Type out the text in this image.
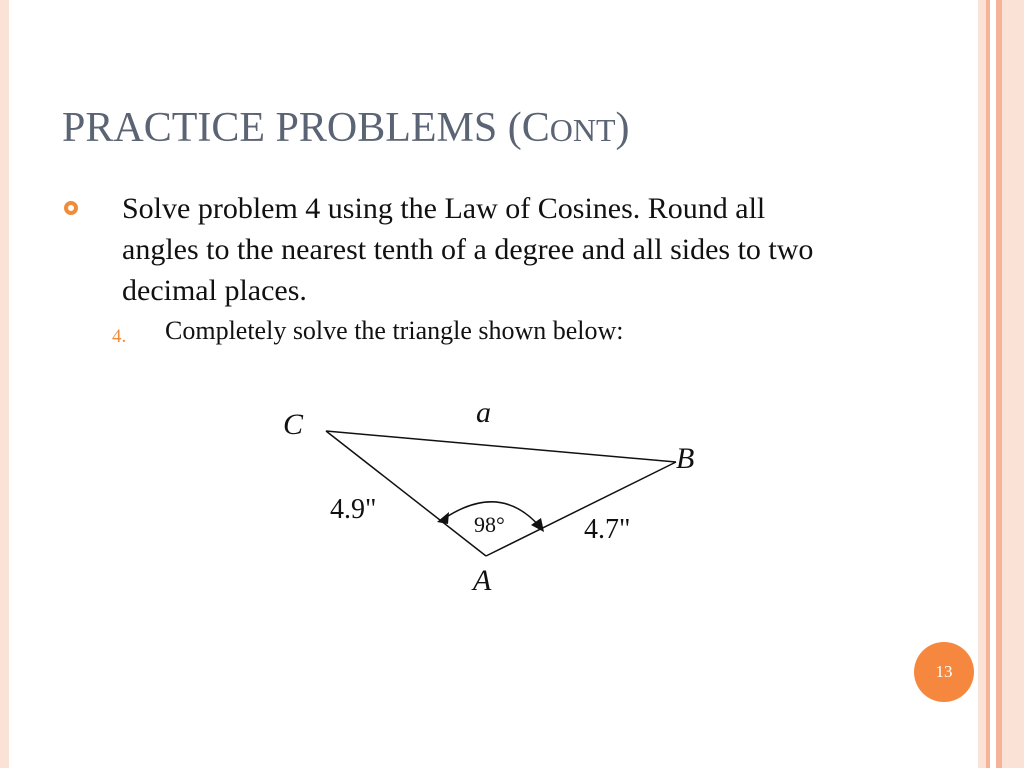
PRACTICE PROBLEMS (CONT)
Solve problem 4 using the Law of Cosines. Round all angles to the nearest tenth of a degree and all sides to two decimal places.
4. Completely solve the triangle shown below:
C	a
B
4.9"	98°	4.7"
A
13
